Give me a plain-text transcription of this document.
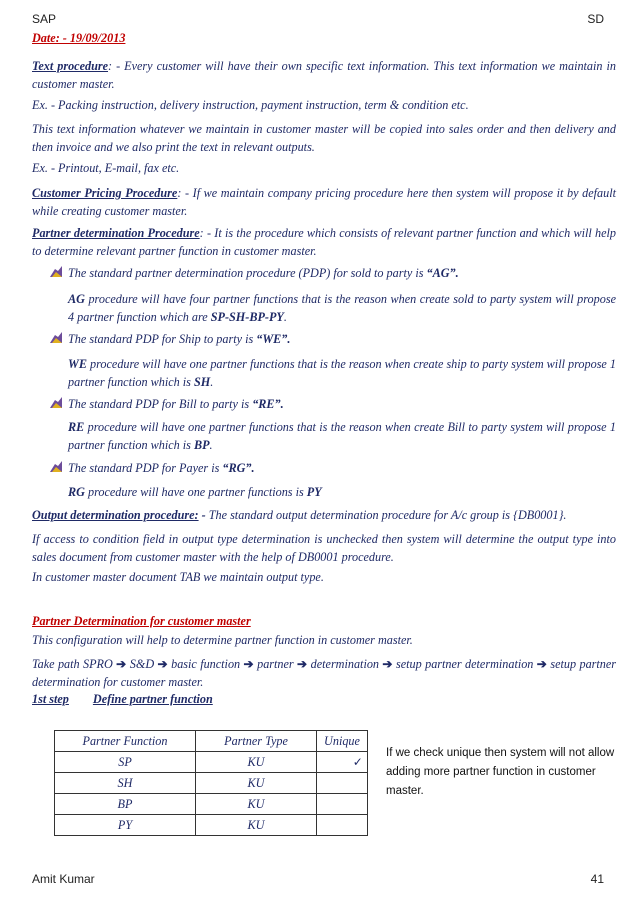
SAP	SD
Date: - 19/09/2013
Text procedure: - Every customer will have their own specific text information. This text information we maintain in customer master.
Ex. - Packing instruction, delivery instruction, payment instruction, term & condition etc.
This text information whatever we maintain in customer master will be copied into sales order and then delivery and then invoice and we also print the text in relevant outputs.
Ex. - Printout, E-mail, fax etc.
Customer Pricing Procedure: - If we maintain company pricing procedure here then system will propose it by default while creating customer master.
Partner determination Procedure: - It is the procedure which consists of relevant partner function and which will help to determine relevant partner function in customer master.
The standard partner determination procedure (PDP) for sold to party is “AG”.
AG procedure will have four partner functions that is the reason when create sold to party system will propose 4 partner function which are SP-SH-BP-PY.
The standard PDP for Ship to party is “WE”.
WE procedure will have one partner functions that is the reason when create ship to party system will propose 1 partner function which is SH.
The standard PDP for Bill to party is “RE”.
RE procedure will have one partner functions that is the reason when create Bill to party system will propose 1 partner function which is BP.
The standard PDP for Payer is “RG”.
RG procedure will have one partner functions is PY
Output determination procedure: - The standard output determination procedure for A/c group is {DB0001}.
If access to condition field in output type determination is unchecked then system will determine the output type into sales document from customer master with the help of DB0001 procedure.
In customer master document TAB we maintain output type.
Partner Determination for customer master
This configuration will help to determine partner function in customer master.
Take path SPRO ➔ S&D ➔ basic function ➔ partner ➔ determination ➔ setup partner determination ➔ setup partner determination for customer master.
1st step Define partner function
Partner Function	Partner Type	Unique
SP	KU	✓
SH	KU	
BP	KU	
PY	KU	
If we check unique then system will not allow adding more partner function in customer master.
Amit Kumar	41
